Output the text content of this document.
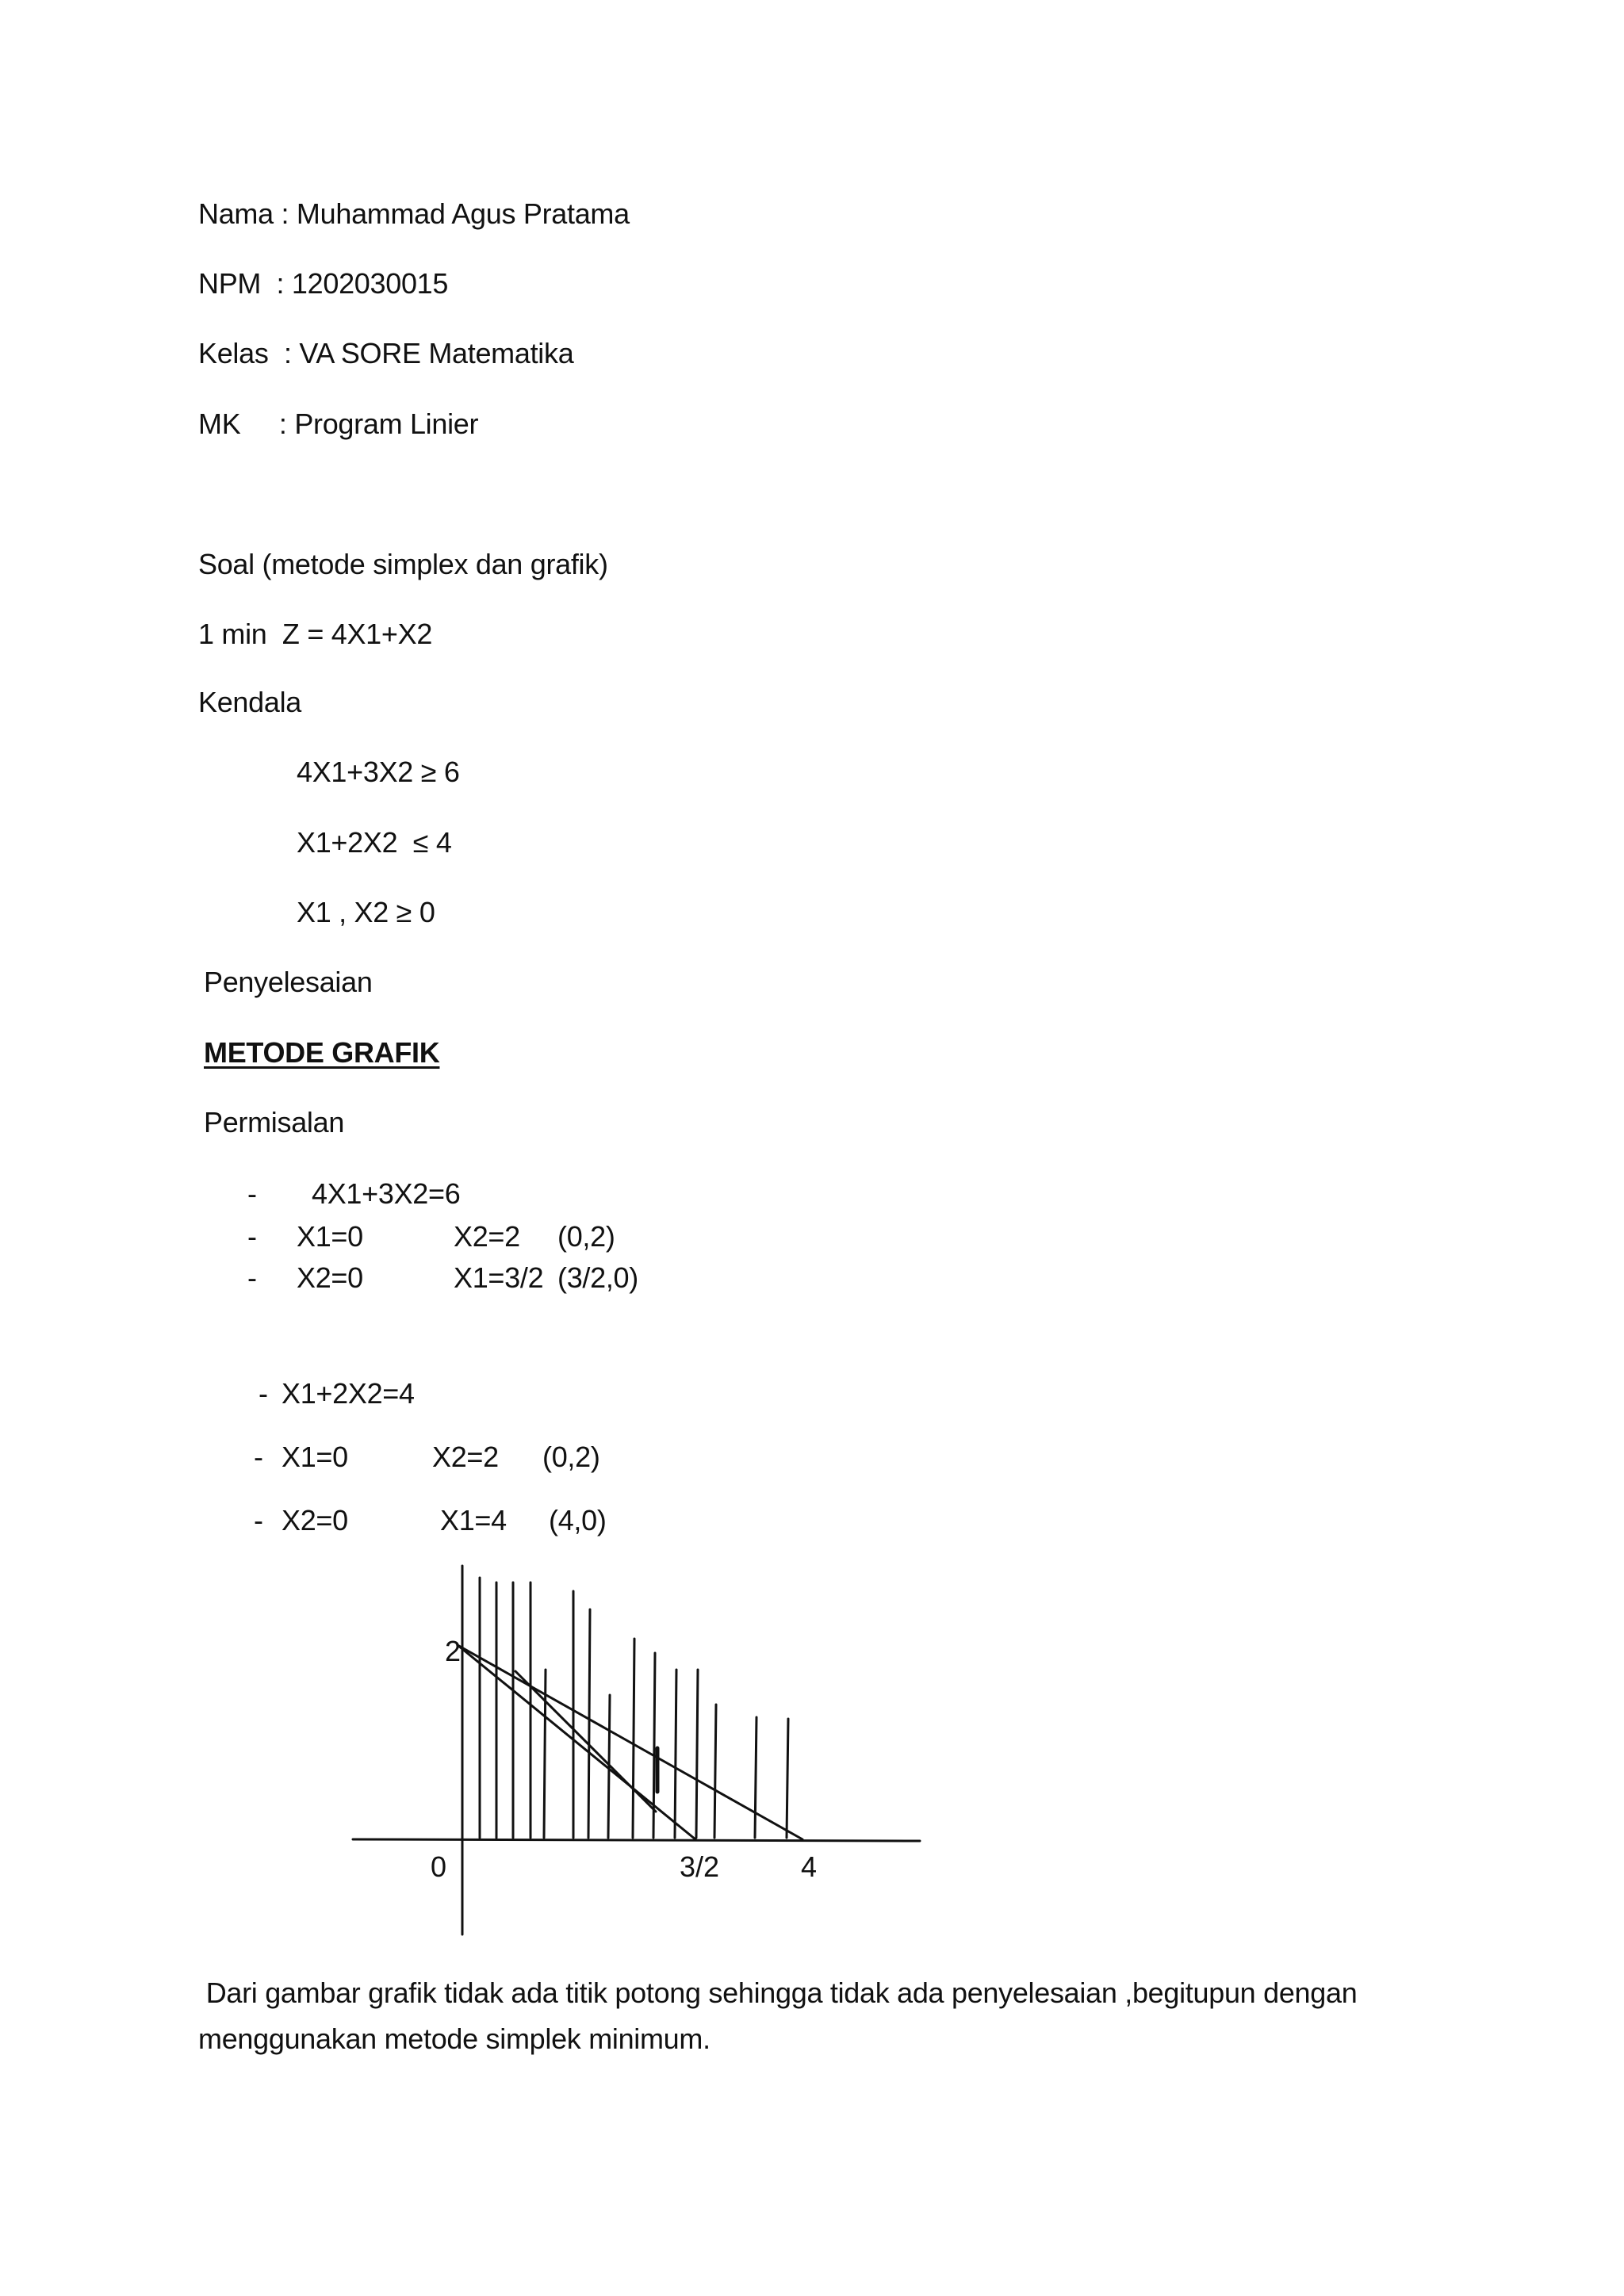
Nama : Muhammad Agus Pratama
NPM  : 1202030015
Kelas  : VA SORE Matematika
MK     : Program Linier
Soal (metode simplex dan grafik)
1 min  Z = 4X1+X2
Kendala
4X1+3X2 ≥ 6
X1+2X2  ≤ 4
X1 , X2 ≥ 0
Penyelesaian
METODE GRAFIK
Permisalan
- 4X1+3X2=6
- X1=0	X2=2 (0,2)
- X2=0	X1=3/2 (3/2,0)
- X1+2X2=4
- X1=0	X2=2 (0,2)
- X2=0	X1=4 (4,0)
2
0	3/2	4
Dari gambar grafik tidak ada titik potong sehingga tidak ada penyelesaian ,begitupun dengan
menggunakan metode simplek minimum.
